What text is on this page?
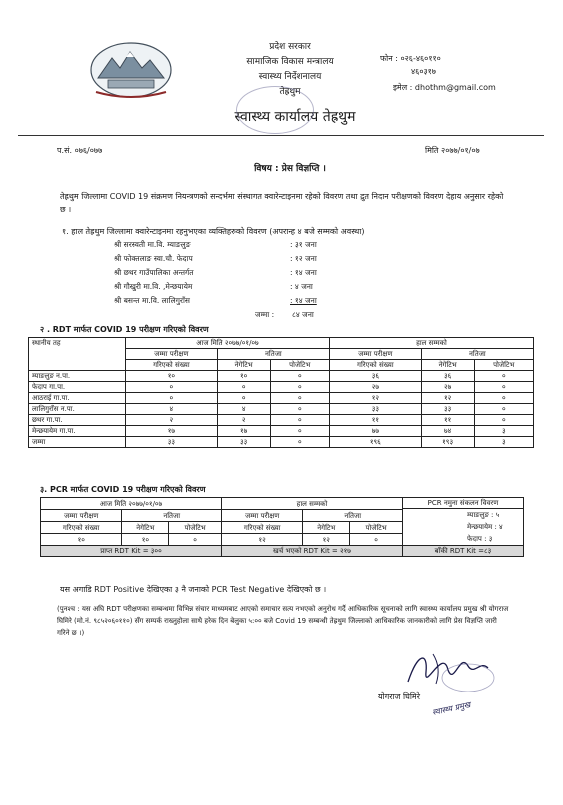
प्रदेश सरकार
सामाजिक विकास मन्त्रालय
स्वास्थ्य निर्देशनालय
तेह्रथुम
फोन : ०२६-४६०११०
४६०३१७
इमेल : dhothm@gmail.com
स्वास्थ्य कार्यालय तेह्रथुम
प.सं. ०७६/०७७	मिति २०७७/०१/०७
विषय : प्रेस विज्ञप्ति ।
तेह्रथुम जिल्लामा COVID 19 संक्रमण नियन्त्रणको सन्दर्भमा संस्थागत क्वारेन्टाइनमा रहेको विवरण तथा द्रुत निदान परीक्षणको विवरण देहाय अनुसार रहेको छ ।
१. हाल तेह्रथुम जिल्लामा क्वारेन्टाइनमा रहनुभएका व्यक्तिहरुको विवरण (अपरान्ह ४ बजे सम्मको अवस्था)
श्री सरस्वती मा.वि. म्याङलुङ	: ३१ जना
श्री फोक्तलाङ स्वा.चौ. फेदाप	: १२ जना
श्री छथर गाउँपालिका अन्तर्गत	: १४ जना
श्री गौखुरी मा.वि. ,मेन्छयायेम	: ४ जना
श्री बसन्त मा.वि. लालिगुराँस	: १४ जना
जम्मा : ८४ जना
२ . RDT मार्फत COVID 19 परीक्षण गरिएको विवरण
स्थानीय तह	आज मिति २०७७/०१/०७			हाल सम्मको		
	जम्मा परीक्षण	नतिजा		जम्मा परीक्षण	नतिजा	
	गरिएको संख्या	नेगेटिभ	पोजेटिभ	गरिएको संख्या	नेगेटिभ	पोजेटिभ
म्याङलुङ न.पा.	१०	१०	०	३६	३६	०
फेदाप गा.पा.	०	०	०	२७	२७	०
आठराई गा.पा.	०	०	०	१२	१२	०
लालिगुराँस न.पा.	४	४	०	३३	३३	०
छथर गा.पा.	२	२	०	११	११	०
मेन्छयायेम गा.पा.	१७	१७	०	७७	७४	३
जम्मा	३३	३३	०	१९६	१९३	३
३. PCR मार्फत COVID 19 परीक्षण गरिएको विवरण
आज मिति २०७७/०१/०७			हाल सम्मको			PCR नमुना संकलन विवरण
म्याङलुङ : ५
मेन्छयायेम : ४
फेदाप : ३

जम्मा परीक्षण	नतिजा		जम्मा परीक्षण	नतिजा		
गरिएको संख्या	नेगेटिभ	पोजेटिभ	गरिएको संख्या	नेगेटिभ	पोजेटिभ	
१०	१०	०	१२	१२	०	
प्राप्त RDT Kit = ३००			खर्च भएको RDT Kit = २१७			बाँकी RDT Kit =८३
यस अगाडि RDT Positive देखिएका ३ नै जनाको PCR Test Negative देखिएको छ ।
(पुनश्च : यस अघि RDT परीक्षणका सम्बन्धमा विभिन्न संचार माध्यमबाट आएको समाचार सत्य नभएको अनुरोध गर्दै आधिकारिक सूचनाको लागि स्वास्थ्य कार्यालय प्रमुख श्री योगराज घिमिरे (मो.नं. ९८५२०६०११०) सँग सम्पर्क राख्नुहोला साथै हरेक दिन बेलुका ५:०० बजे Covid 19 सम्बन्धी तेह्रथुम जिल्लाको आधिकारिक जानकारीको लागि प्रेस विज्ञप्ति जारी गरिने छ ।)
योगराज घिमिरे
स्वास्थ्य प्रमुख
